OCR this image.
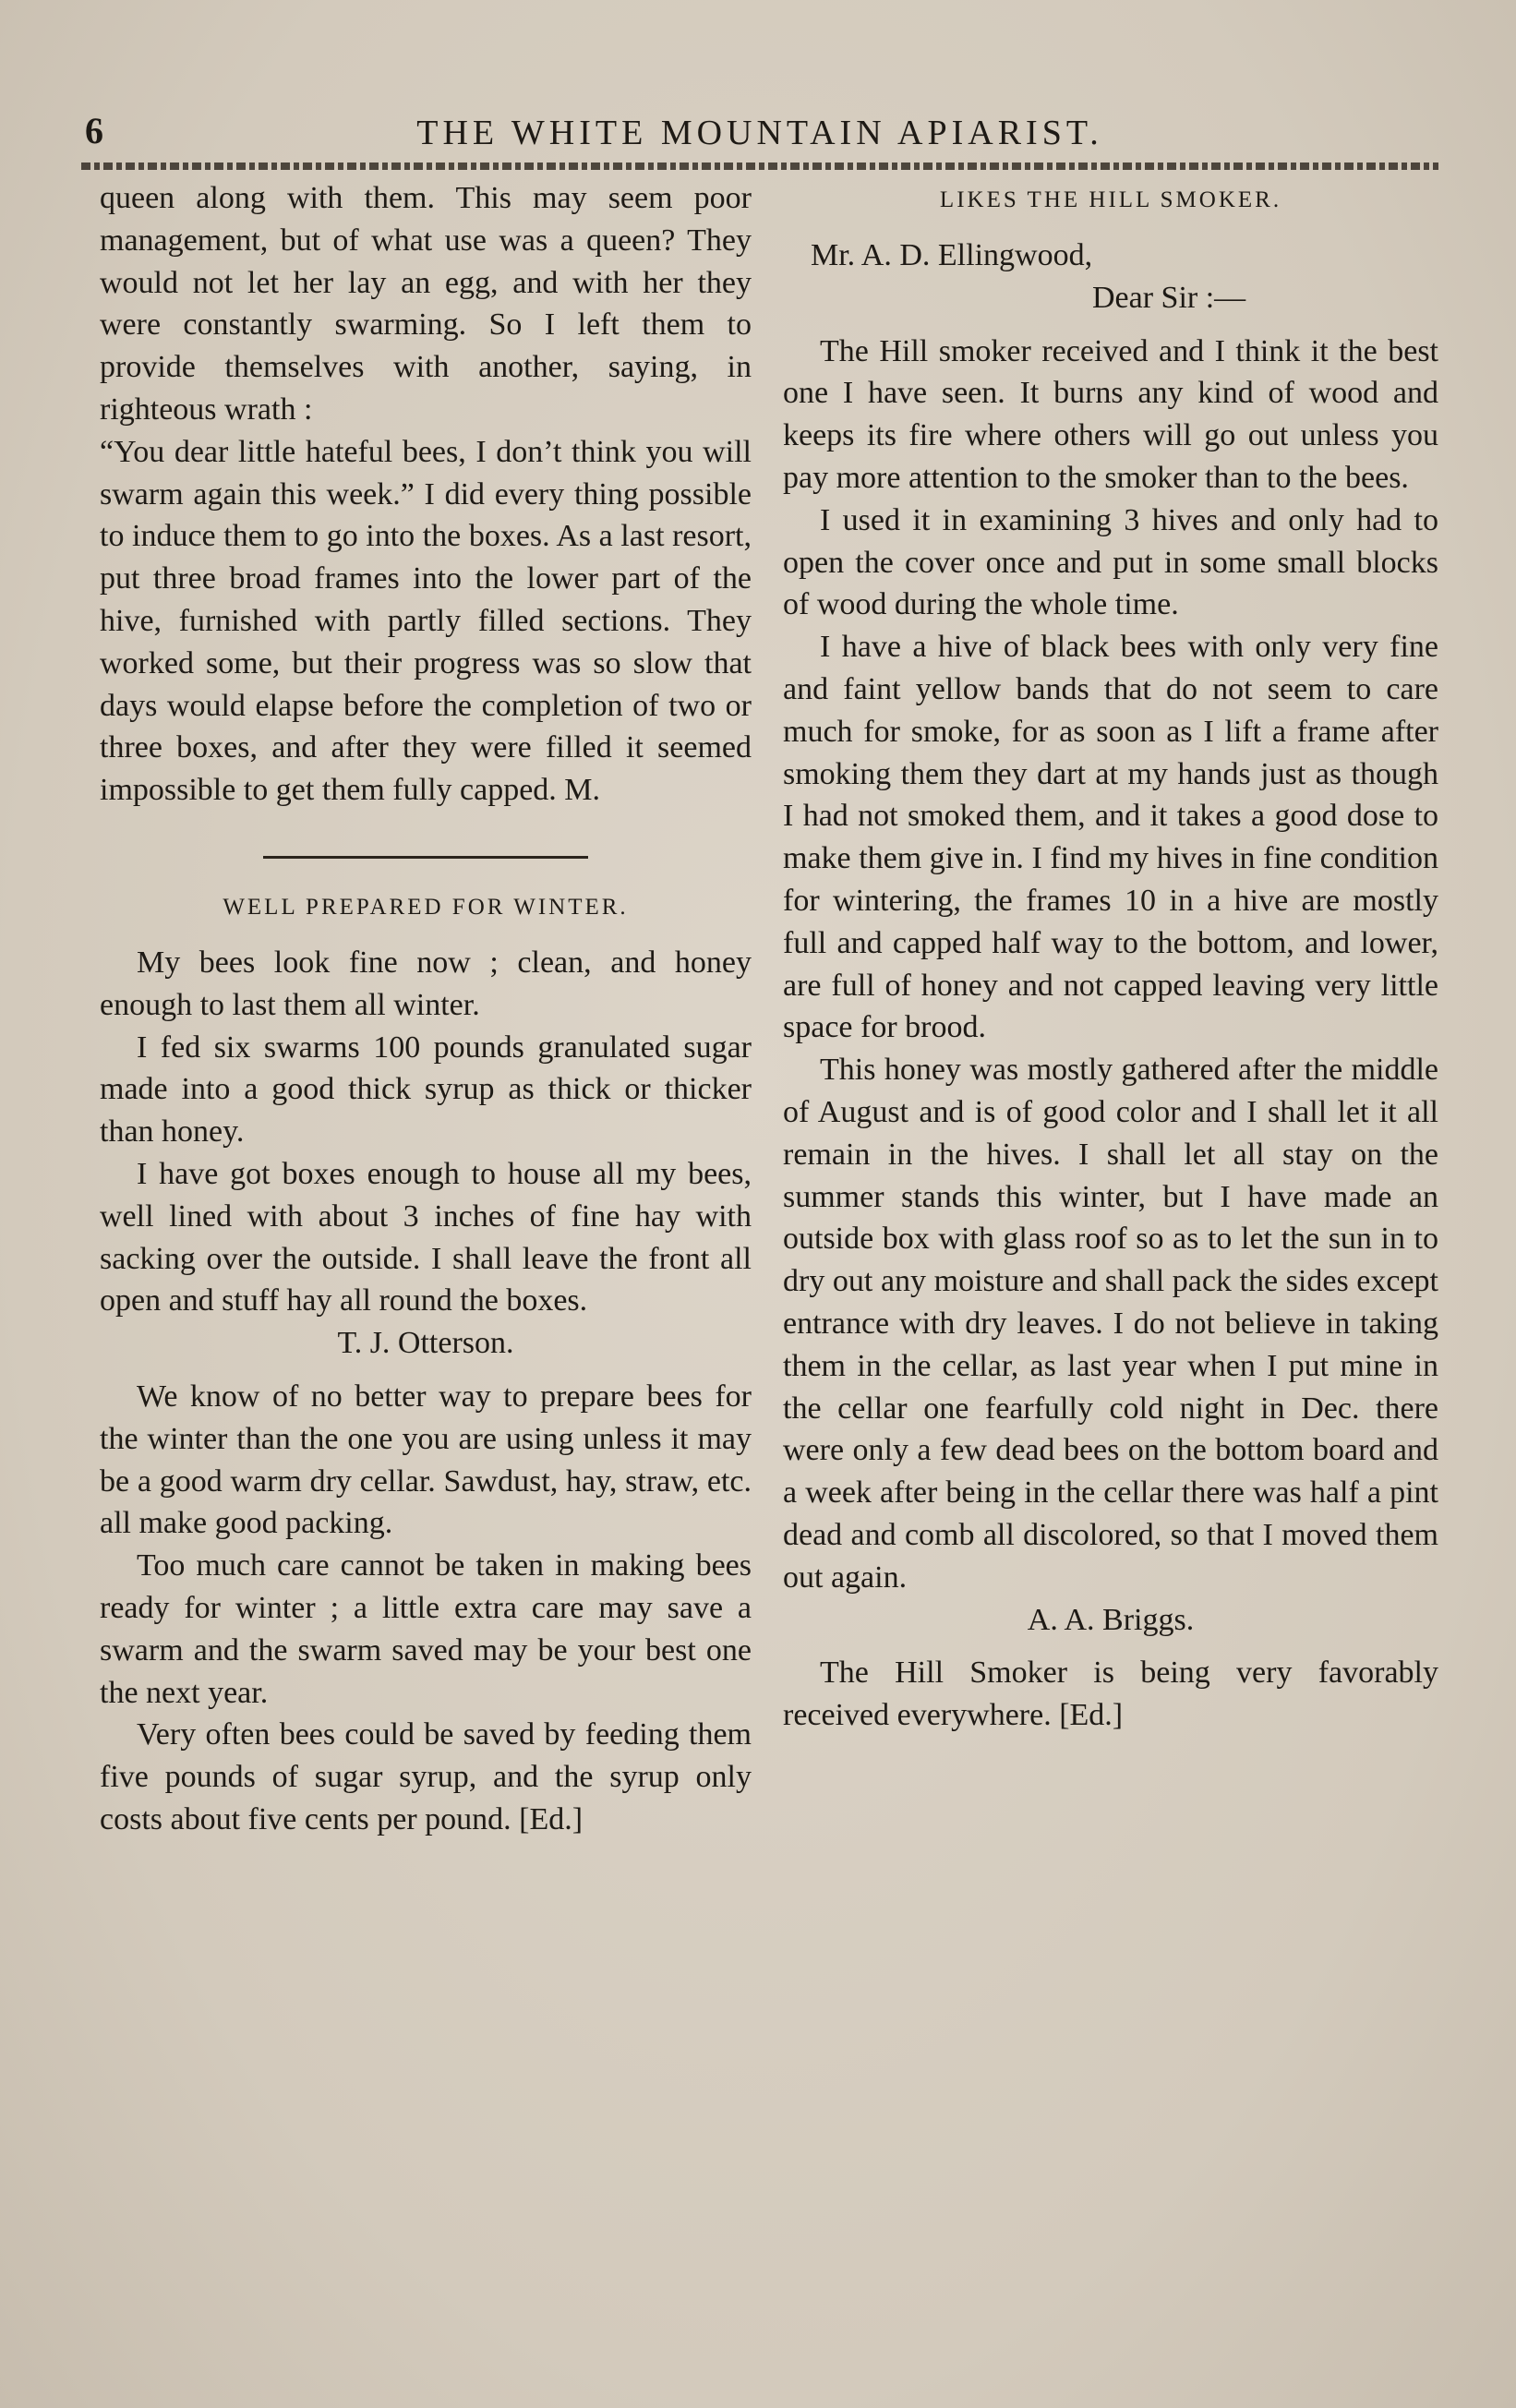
6	THE WHITE MOUNTAIN APIARIST.

queen along with them. This may seem poor management, but of what use was a queen? They would not let her lay an egg, and with her they were constantly swarming. So I left them to provide themselves with another, saying, in righteous wrath :

“You dear little hateful bees, I don’t think you will swarm again this week.” I did every thing possible to induce them to go into the boxes. As a last resort, put three broad frames into the lower part of the hive, furnished with partly filled sections. They worked some, but their progress was so slow that days would elapse before the completion of two or three boxes, and after they were filled it seemed impossible to get them fully capped. M.

WELL PREPARED FOR WINTER.

My bees look fine now ; clean, and honey enough to last them all winter.

I fed six swarms 100 pounds granulated sugar made into a good thick syrup as thick or thicker than honey.

I have got boxes enough to house all my bees, well lined with about 3 inches of fine hay with sacking over the outside. I shall leave the front all open and stuff hay all round the boxes.

T. J. Otterson.

We know of no better way to prepare bees for the winter than the one you are using unless it may be a good warm dry cellar. Sawdust, hay, straw, etc. all make good packing.

Too much care cannot be taken in making bees ready for winter ; a little extra care may save a swarm and the swarm saved may be your best one the next year.

Very often bees could be saved by feeding them five pounds of sugar syrup, and the syrup only costs about five cents per pound. [Ed.]

LIKES THE HILL SMOKER.

Mr. A. D. Ellingwood,

Dear Sir :—

The Hill smoker received and I think it the best one I have seen. It burns any kind of wood and keeps its fire where others will go out unless you pay more attention to the smoker than to the bees.

I used it in examining 3 hives and only had to open the cover once and put in some small blocks of wood during the whole time.

I have a hive of black bees with only very fine and faint yellow bands that do not seem to care much for smoke, for as soon as I lift a frame after smoking them they dart at my hands just as though I had not smoked them, and it takes a good dose to make them give in. I find my hives in fine condition for wintering, the frames 10 in a hive are mostly full and capped half way to the bottom, and lower, are full of honey and not capped leaving very little space for brood.

This honey was mostly gathered after the middle of August and is of good color and I shall let it all remain in the hives. I shall let all stay on the summer stands this winter, but I have made an outside box with glass roof so as to let the sun in to dry out any moisture and shall pack the sides except entrance with dry leaves. I do not believe in taking them in the cellar, as last year when I put mine in the cellar one fearfully cold night in Dec. there were only a few dead bees on the bottom board and a week after being in the cellar there was half a pint dead and comb all discolored, so that I moved them out again.

A. A. Briggs.

The Hill Smoker is being very favorably received everywhere. [Ed.]
